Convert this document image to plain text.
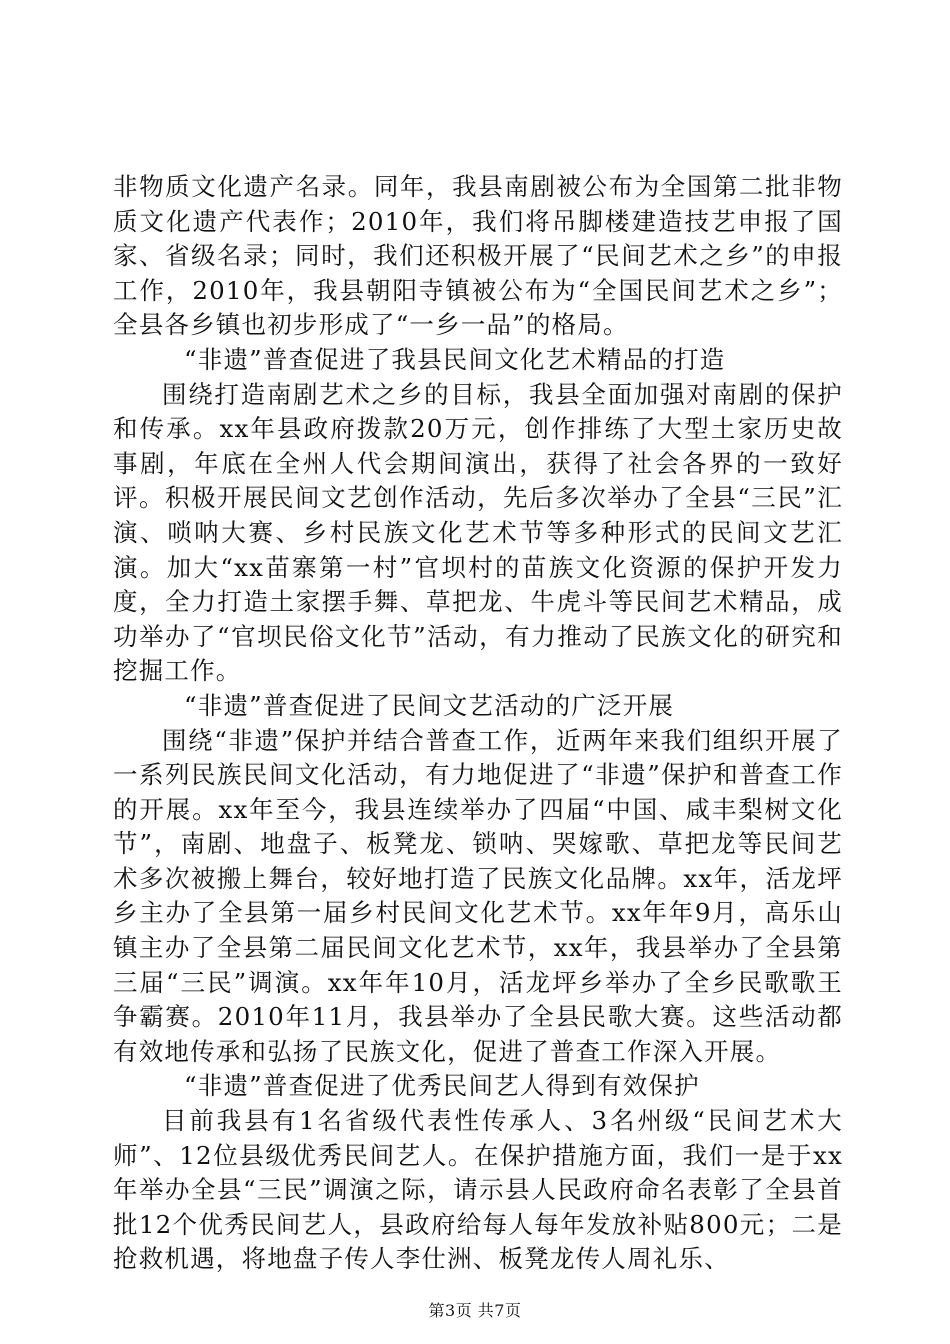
非物质文化遗产名录。同年，我县南剧被公布为全国第二批非物质文化遗产代表作；2010年，我们将吊脚楼建造技艺申报了国家、省级名录；同时，我们还积极开展了“民间艺术之乡”的申报工作，2010年，我县朝阳寺镇被公布为“全国民间艺术之乡”；全县各乡镇也初步形成了“一乡一品”的格局。

“非遗”普查促进了我县民间文化艺术精品的打造

围绕打造南剧艺术之乡的目标，我县全面加强对南剧的保护和传承。xx年县政府拨款20万元，创作排练了大型土家历史故事剧，年底在全州人代会期间演出，获得了社会各界的一致好评。积极开展民间文艺创作活动，先后多次举办了全县“三民”汇演、唢呐大赛、乡村民族文化艺术节等多种形式的民间文艺汇演。加大“xx苗寨第一村”官坝村的苗族文化资源的保护开发力度，全力打造土家摆手舞、草把龙、牛虎斗等民间艺术精品，成功举办了“官坝民俗文化节”活动，有力推动了民族文化的研究和挖掘工作。

“非遗”普查促进了民间文艺活动的广泛开展

围绕“非遗”保护并结合普查工作，近两年来我们组织开展了一系列民族民间文化活动，有力地促进了“非遗”保护和普查工作的开展。xx年至今，我县连续举办了四届“中国、咸丰梨树文化节”，南剧、地盘子、板凳龙、锁呐、哭嫁歌、草把龙等民间艺术多次被搬上舞台，较好地打造了民族文化品牌。xx年，活龙坪乡主办了全县第一届乡村民间文化艺术节。xx年年9月，高乐山镇主办了全县第二届民间文化艺术节，xx年，我县举办了全县第三届“三民”调演。xx年年10月，活龙坪乡举办了全乡民歌歌王争霸赛。2010年11月，我县举办了全县民歌大赛。这些活动都有效地传承和弘扬了民族文化，促进了普查工作深入开展。

“非遗”普查促进了优秀民间艺人得到有效保护

目前我县有1名省级代表性传承人、3名州级“民间艺术大师”、12位县级优秀民间艺人。在保护措施方面，我们一是于xx年举办全县“三民”调演之际，请示县人民政府命名表彰了全县首批12个优秀民间艺人，县政府给每人每年发放补贴800元；二是抢救机遇，将地盘子传人李仕洲、板凳龙传人周礼乐、

第3页 共7页
